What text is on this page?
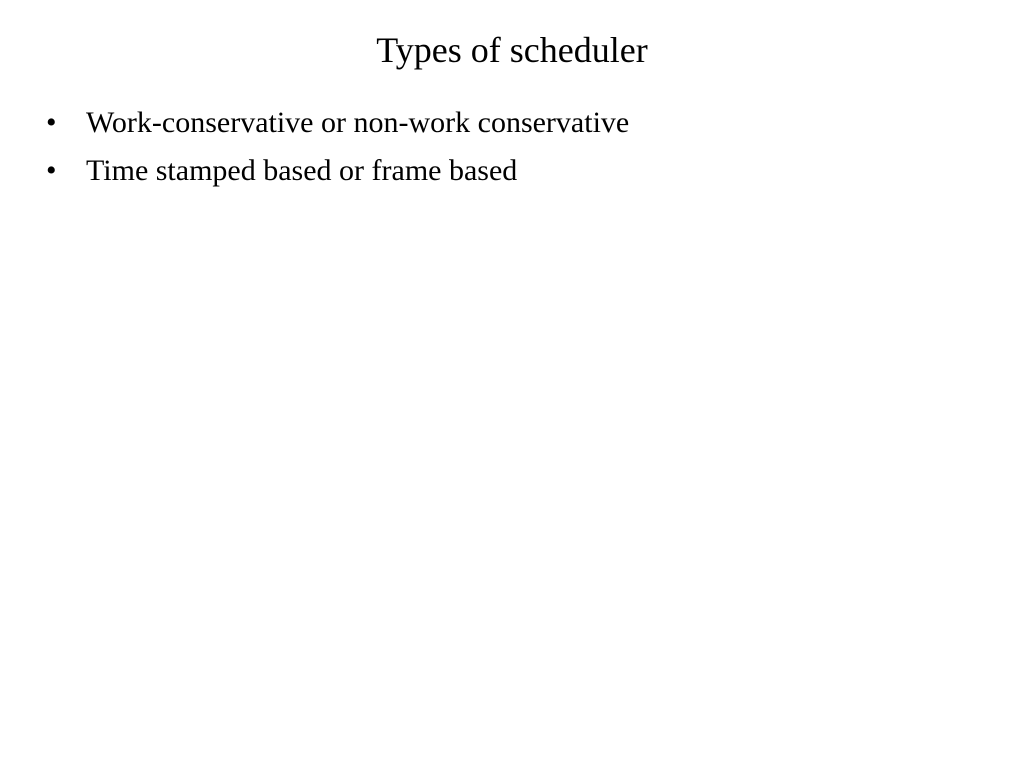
Types of scheduler
• Work-conservative or non-work conservative
• Time stamped based or frame based
